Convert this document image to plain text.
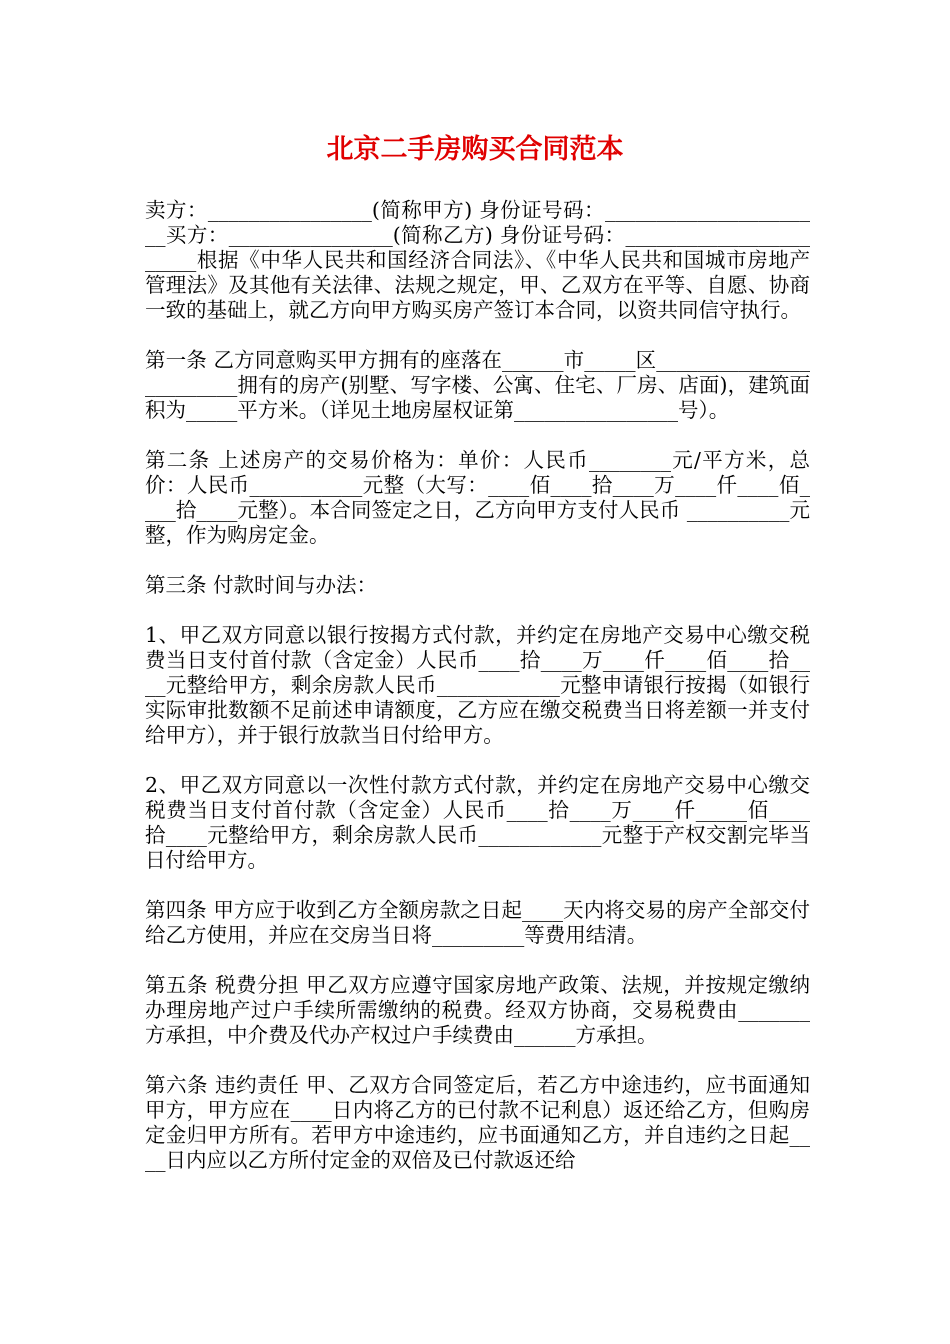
北京二手房购买合同范本

卖方：________________(简称甲方) 身份证号码：______________________买方：________________(简称乙方) 身份证号码：_______________________根据《中华人民共和国经济合同法》、《中华人民共和国城市房地产管理法》及其他有关法律、法规之规定，甲、乙双方在平等、自愿、协商一致的基础上，就乙方向甲方购买房产签订本合同，以资共同信守执行。

第一条 乙方同意购买甲方拥有的座落在______市_____区________________________拥有的房产(别墅、写字楼、公寓、住宅、厂房、店面)，建筑面积为_____平方米。（详见土地房屋权证第________________号）。

第二条 上述房产的交易价格为：单价：人民币________元/平方米，总价：人民币___________元整（大写：____佰____拾____万____仟____佰____拾____元整）。本合同签定之日，乙方向甲方支付人民币 __________元整，作为购房定金。

第三条 付款时间与办法：

1、甲乙双方同意以银行按揭方式付款，并约定在房地产交易中心缴交税费当日支付首付款（含定金）人民币____拾____万____仟____佰____拾____元整给甲方，剩余房款人民币____________元整申请银行按揭（如银行实际审批数额不足前述申请额度，乙方应在缴交税费当日将差额一并支付给甲方），并于银行放款当日付给甲方。

2、甲乙双方同意以一次性付款方式付款，并约定在房地产交易中心缴交税费当日支付首付款（含定金）人民币____拾____万____仟_____佰____拾____元整给甲方，剩余房款人民币____________元整于产权交割完毕当日付给甲方。

第四条 甲方应于收到乙方全额房款之日起____天内将交易的房产全部交付给乙方使用，并应在交房当日将_________等费用结清。

第五条 税费分担 甲乙双方应遵守国家房地产政策、法规，并按规定缴纳办理房地产过户手续所需缴纳的税费。经双方协商，交易税费由_______方承担，中介费及代办产权过户手续费由______方承担。

第六条 违约责任 甲、乙双方合同签定后，若乙方中途违约，应书面通知甲方，甲方应在____日内将乙方的已付款不记利息）返还给乙方，但购房定金归甲方所有。若甲方中途违约，应书面通知乙方，并自违约之日起____日内应以乙方所付定金的双倍及已付款返还给
